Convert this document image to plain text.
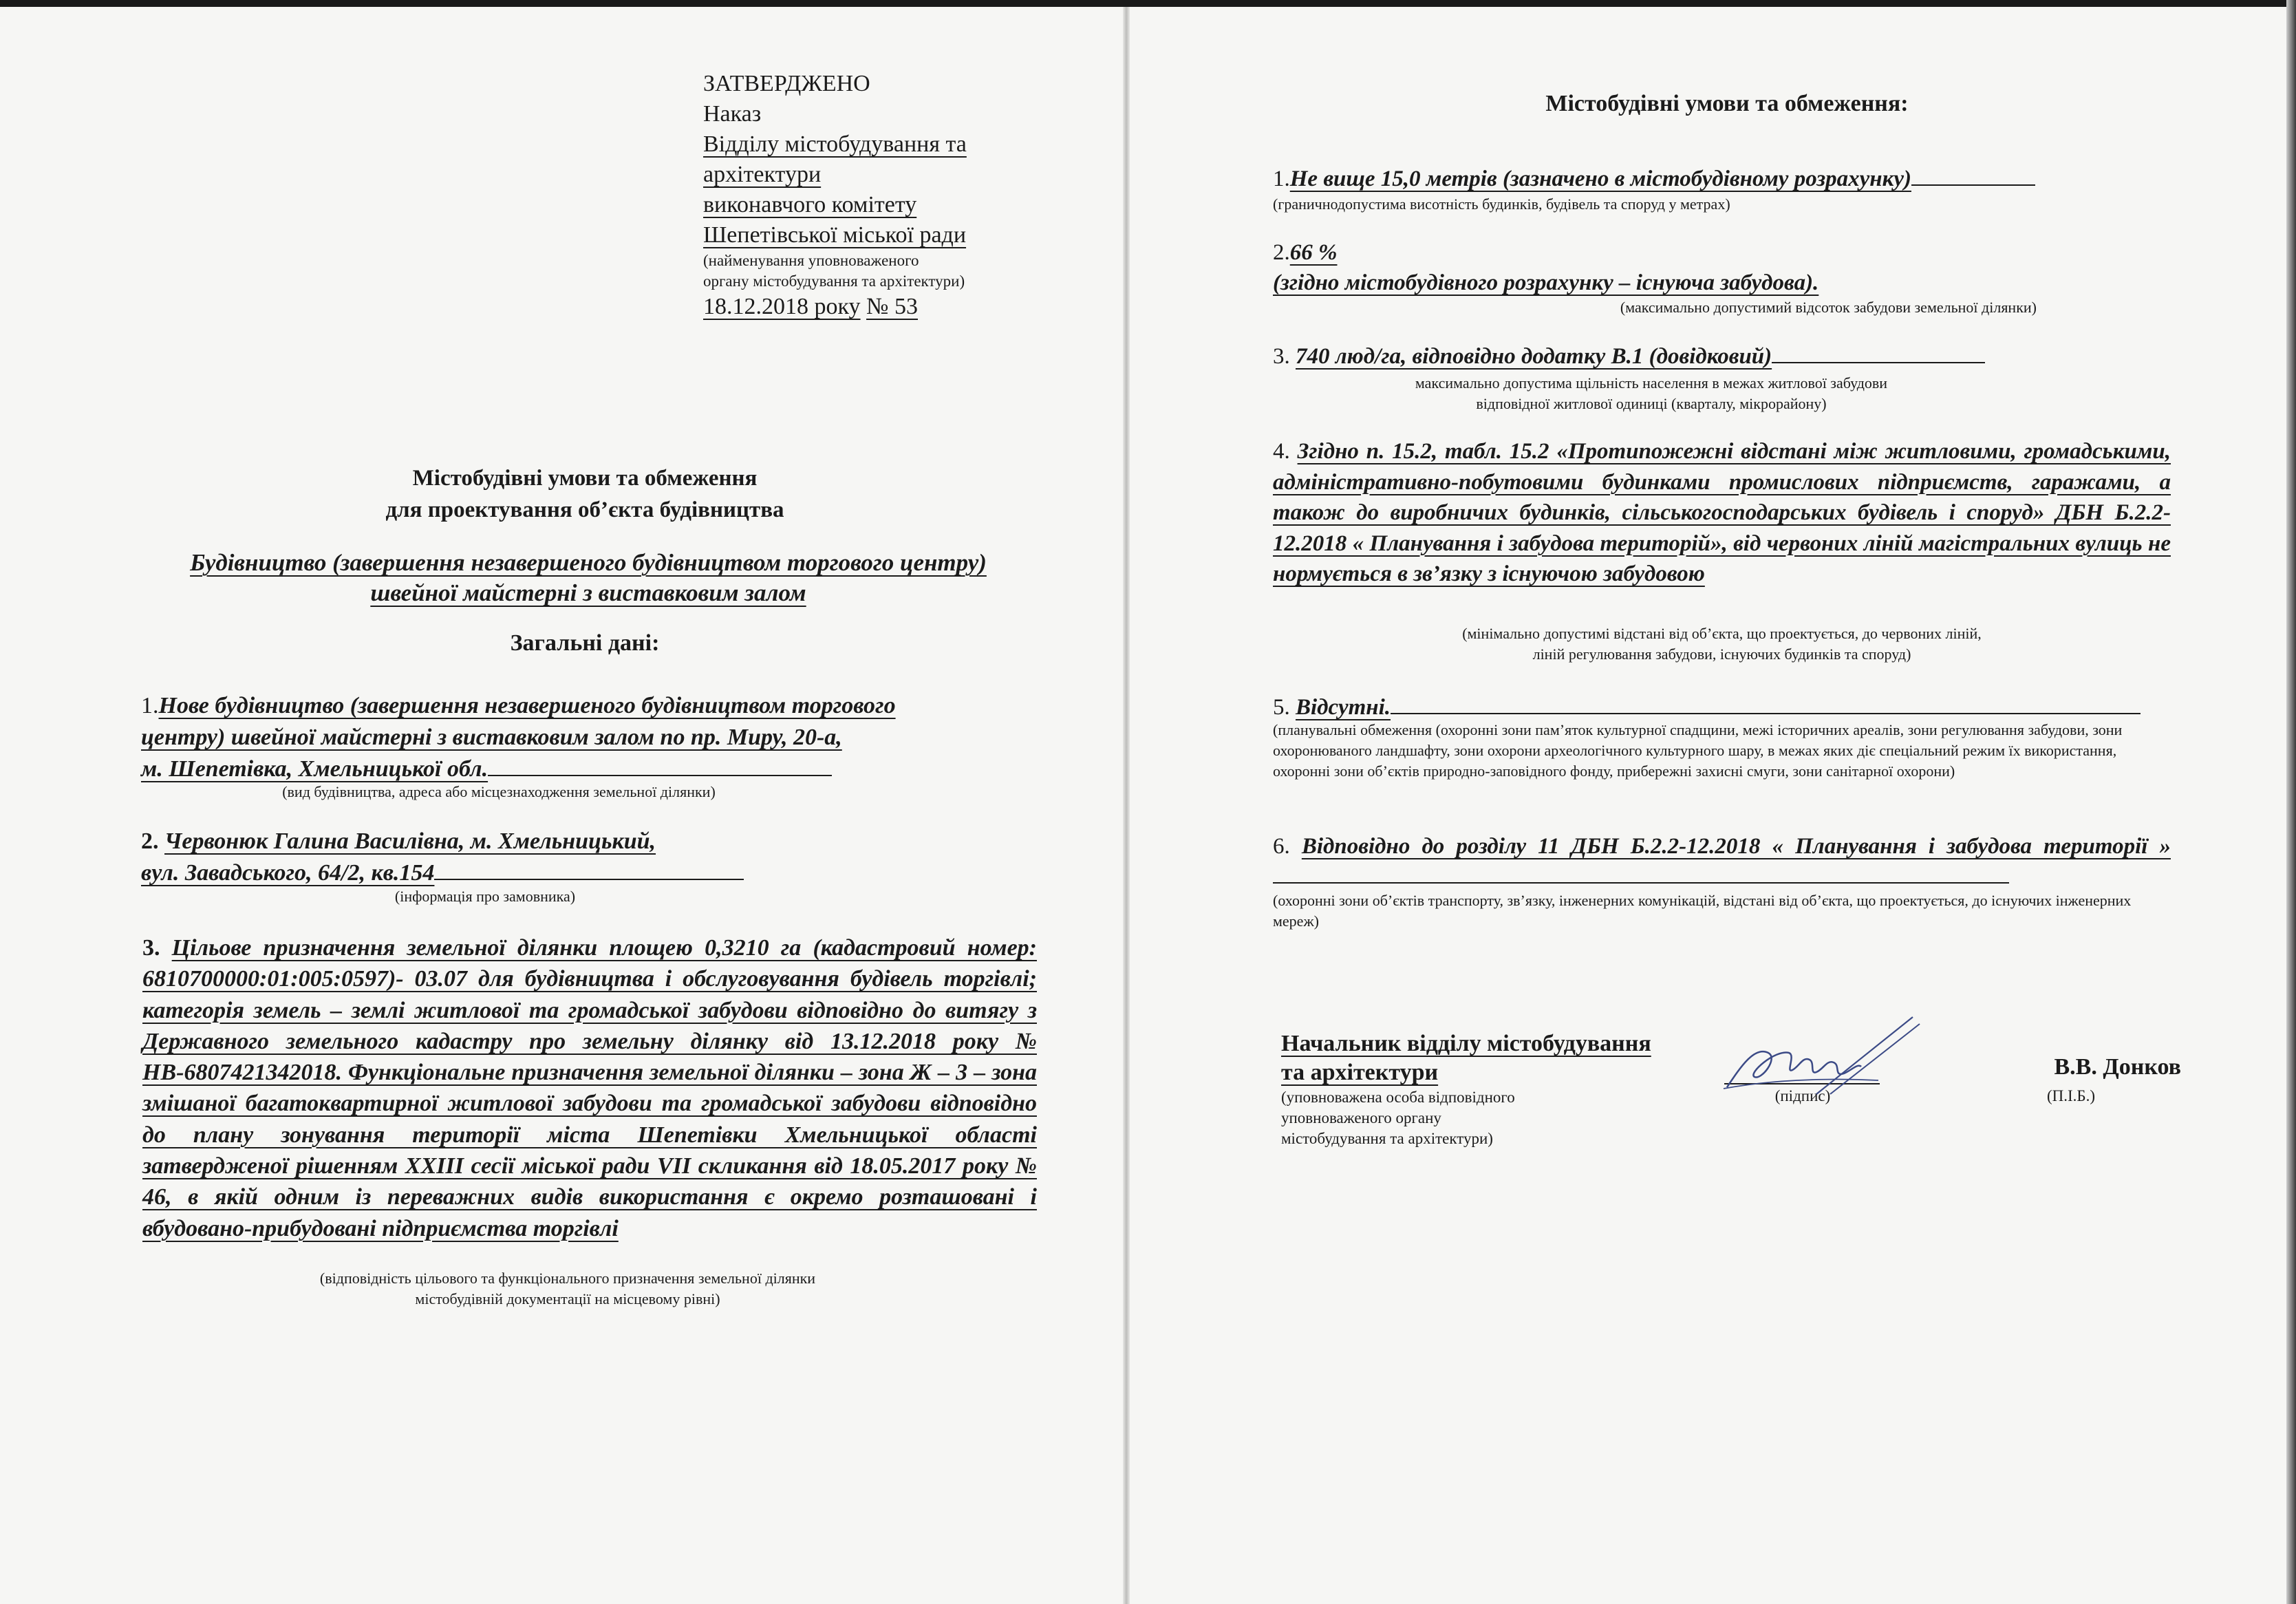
ЗАТВЕРДЖЕНО
Наказ
Відділу містобудування та
архітектури
виконавчого комітету
Шепетівської міської ради
(найменування уповноваженого
органу містобудування та архітектури)
18.12.2018 року № 53
Містобудівні умови та обмеження
для проектування об’єкта будівництва
Будівництво (завершення незавершеного будівництвом торгового центру)
швейної майстерні з виставковим залом
Загальні дані:
1.Нове будівництво (завершення незавершеного будівництвом торгового
центру) швейної майстерні з виставковим залом по пр. Миру, 20-а,
м. Шепетівка, Хмельницької обл.
(вид будівництва, адреса або місцезнаходження земельної ділянки)
2. Червонюк Галина Василівна, м. Хмельницький,
вул. Завадського, 64/2, кв.154
(інформація про замовника)
3. Цільове призначення земельної ділянки площею 0,3210 га (кадастровий номер: 6810700000:01:005:0597)- 03.07 для будівництва і обслуговування будівель торгівлі; категорія земель – землі житлової та громадської забудови відповідно до витягу з Державного земельного кадастру про земельну ділянку від 13.12.2018 року № НВ-6807421342018. Функціональне призначення земельної ділянки – зона Ж – 3 – зона змішаної багатоквартирної житлової забудови та громадської забудови відповідно до плану зонування території міста Шепетівки Хмельницької області затвердженої рішенням XXIII сесії міської ради VII скликання від 18.05.2017 року № 46, в якій одним із переважних видів використання є окремо розташовані і вбудовано-прибудовані підприємства торгівлі
(відповідність цільового та функціонального призначення земельної ділянки
містобудівній документації на місцевому рівні)
Містобудівні умови та обмеження:
1.Не вище 15,0 метрів (зазначено в містобудівному розрахунку)
(граничнодопустима висотність будинків, будівель та споруд у метрах)
2.66 %
(згідно містобудівного розрахунку – існуюча забудова).
(максимально допустимий відсоток забудови земельної ділянки)
3. 740 люд/га, відповідно додатку В.1 (довідковий)
максимально допустима щільність населення в межах житлової забудови
відповідної житлової одиниці (кварталу, мікрорайону)
4. Згідно п. 15.2, табл. 15.2 «Протипожежні відстані між житловими, громадськими, адміністративно-побутовими будинками промислових підприємств, гаражами, а також до виробничих будинків, сільськогосподарських будівель і споруд» ДБН Б.2.2-12.2018 « Планування і забудова територій», від червоних ліній магістральних вулиць не нормується в зв’язку з існуючою забудовою
(мінімально допустимі відстані від об’єкта, що проектується, до червоних ліній,
ліній регулювання забудови, існуючих будинків та споруд)
5. Відсутні.
(планувальні обмеження (охоронні зони пам’яток культурної спадщини, межі історичних ареалів, зони регулювання забудови, зони охоронюваного ландшафту, зони охорони археологічного культурного шару, в межах яких діє спеціальний режим їх використання, охоронні зони об’єктів природно-заповідного фонду, прибережні захисні смуги, зони санітарної охорони)
6. Відповідно до розділу 11 ДБН Б.2.2-12.2018 « Планування і забудова території »
(охоронні зони об’єктів транспорту, зв’язку, інженерних комунікацій, відстані від об’єкта, що проектується, до існуючих інженерних мереж)
Начальник відділу містобудування
та архітектури
(уповноважена особа відповідного
уповноваженого органу
містобудування та архітектури)
(підпис)
В.В. Донков
(П.І.Б.)
